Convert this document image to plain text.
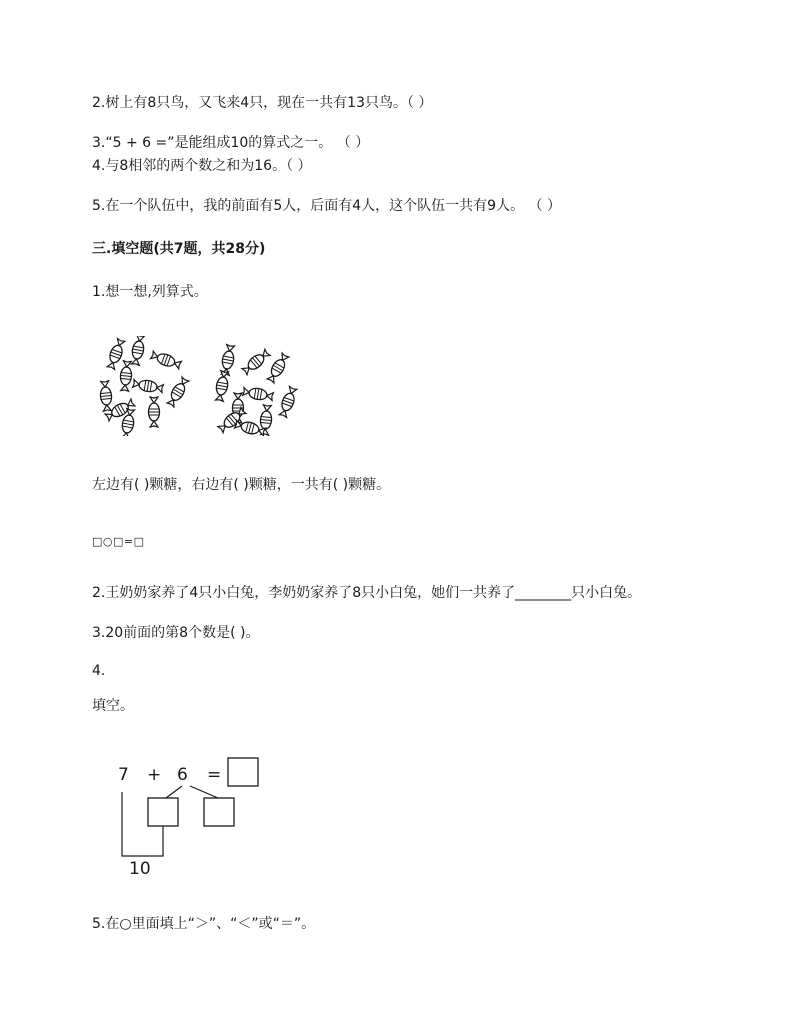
2.树上有8只鸟，又飞来4只，现在一共有13只鸟。（ ）
3.“5 + 6 =”是能组成10的算式之一。 （ ）
4.与8相邻的两个数之和为16。（ ）
5.在一个队伍中，我的前面有5人，后面有4人，这个队伍一共有9人。 （ ）
三.填空题(共7题，共28分)
1.想一想,列算式。
左边有( )颗糖，右边有( )颗糖，一共有( )颗糖。
□○□=□
2.王奶奶家养了4只小白兔，李奶奶家养了8只小白兔，她们一共养了________只小白兔。
3.20前面的第8个数是( )。
4.
填空。
7 + 6 =
10
5.在○里面填上“＞”、“＜”或“＝”。
